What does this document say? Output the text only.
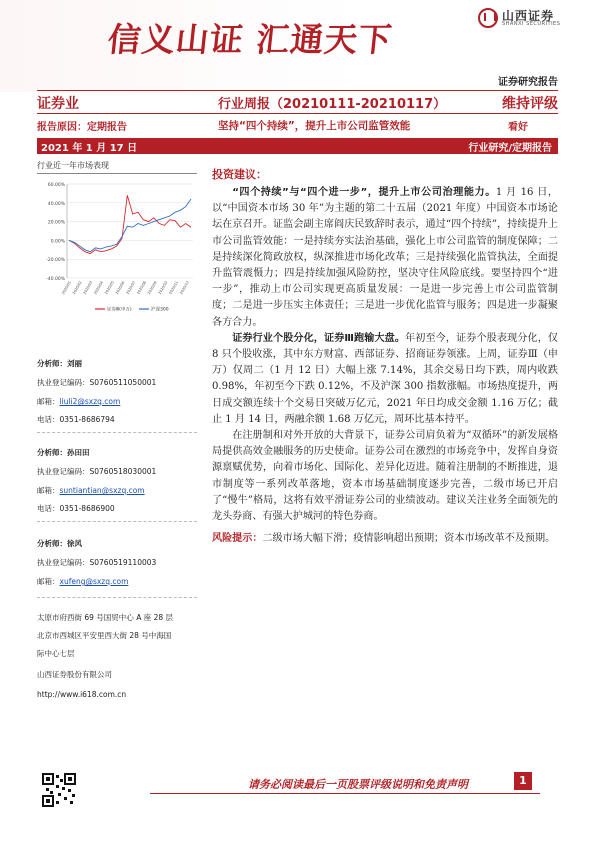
信义山证 汇通天下
山西证券
SHANXI SECURITIES
证券研究报告
证券业	行业周报（20210111-20210117）	维持评级
报告原因：定期报告	坚持“四个持续”，提升上市公司监管效能	看好
2021 年 1 月 17 日	行业研究/定期报告
行业近一年市场表现
60.00%
40.00%
20.00%
0.00%
-20.00%
-40.00%
2020/01 2020/02 2020/03 2020/04 2020/05 2020/06 2020/07 2020/08 2020/09 2020/10 2020/11 2020/12
证券Ⅲ(申万)	沪深300
分析师：刘丽
执业登记编码：S0760511050001
邮箱：liuli2@sxzq.com
电话：0351-8686794
分析师：孙田田
执业登记编码：S0760518030001
邮箱：suntiantian@sxzq.com
电话：0351-8686900
分析师：徐风
执业登记编码：S0760519110003
邮箱：xufeng@sxzq.com
太原市府西街 69 号国贸中心 A 座 28 层
北京市西城区平安里西大街 28 号中海国
际中心七层
山西证券股份有限公司
http://www.i618.com.cn
投资建议：

“四个持续”与“四个进一步”，提升上市公司治理能力。1 月 16 日，以“中国资本市场 30 年”为主题的第二十五届（2021 年度）中国资本市场论坛在京召开。证监会副主席阎庆民致辞时表示，通过“四个持续”，持续提升上市公司监管效能：一是持续夯实法治基础，强化上市公司监管的制度保障；二是持续深化简政放权，纵深推进市场化改革；三是持续强化监管执法，全面提升监管震慑力；四是持续加强风险防控，坚决守住风险底线。要坚持四个“进一步”，推动上市公司实现更高质量发展：一是进一步完善上市公司监管制度；二是进一步压实主体责任；三是进一步优化监管与服务；四是进一步凝聚各方合力。

证券行业个股分化，证券Ⅲ跑输大盘。年初至今，证券个股表现分化，仅 8 只个股收涨，其中东方财富、西部证券、招商证券领涨。上周，证券Ⅲ（申万）仅周二（1 月 12 日）大幅上涨 7.14%，其余交易日均下跌，周内收跌 0.98%，年初至今下跌 0.12%，不及沪深 300 指数涨幅。市场热度提升，两日成交额连续十个交易日突破万亿元，2021 年日均成交金额 1.16 万亿；截止 1 月 14 日，两融余额 1.68 万亿元，周环比基本持平。

在注册制和对外开放的大背景下，证券公司肩负着为“双循环”的新发展格局提供高效金融服务的历史使命。证券公司在激烈的市场竞争中，发挥自身资源禀赋优势，向着市场化、国际化、差异化迈进。随着注册制的不断推进，退市制度等一系列改革落地，资本市场基础制度逐步完善，二级市场已开启了“慢牛”格局，这将有效平滑证券公司的业绩波动。建议关注业务全面领先的龙头券商、有强大护城河的特色券商。

风险提示：二级市场大幅下滑；疫情影响超出预期；资本市场改革不及预期。

请务必阅读最后一页股票评级说明和免责声明	1
